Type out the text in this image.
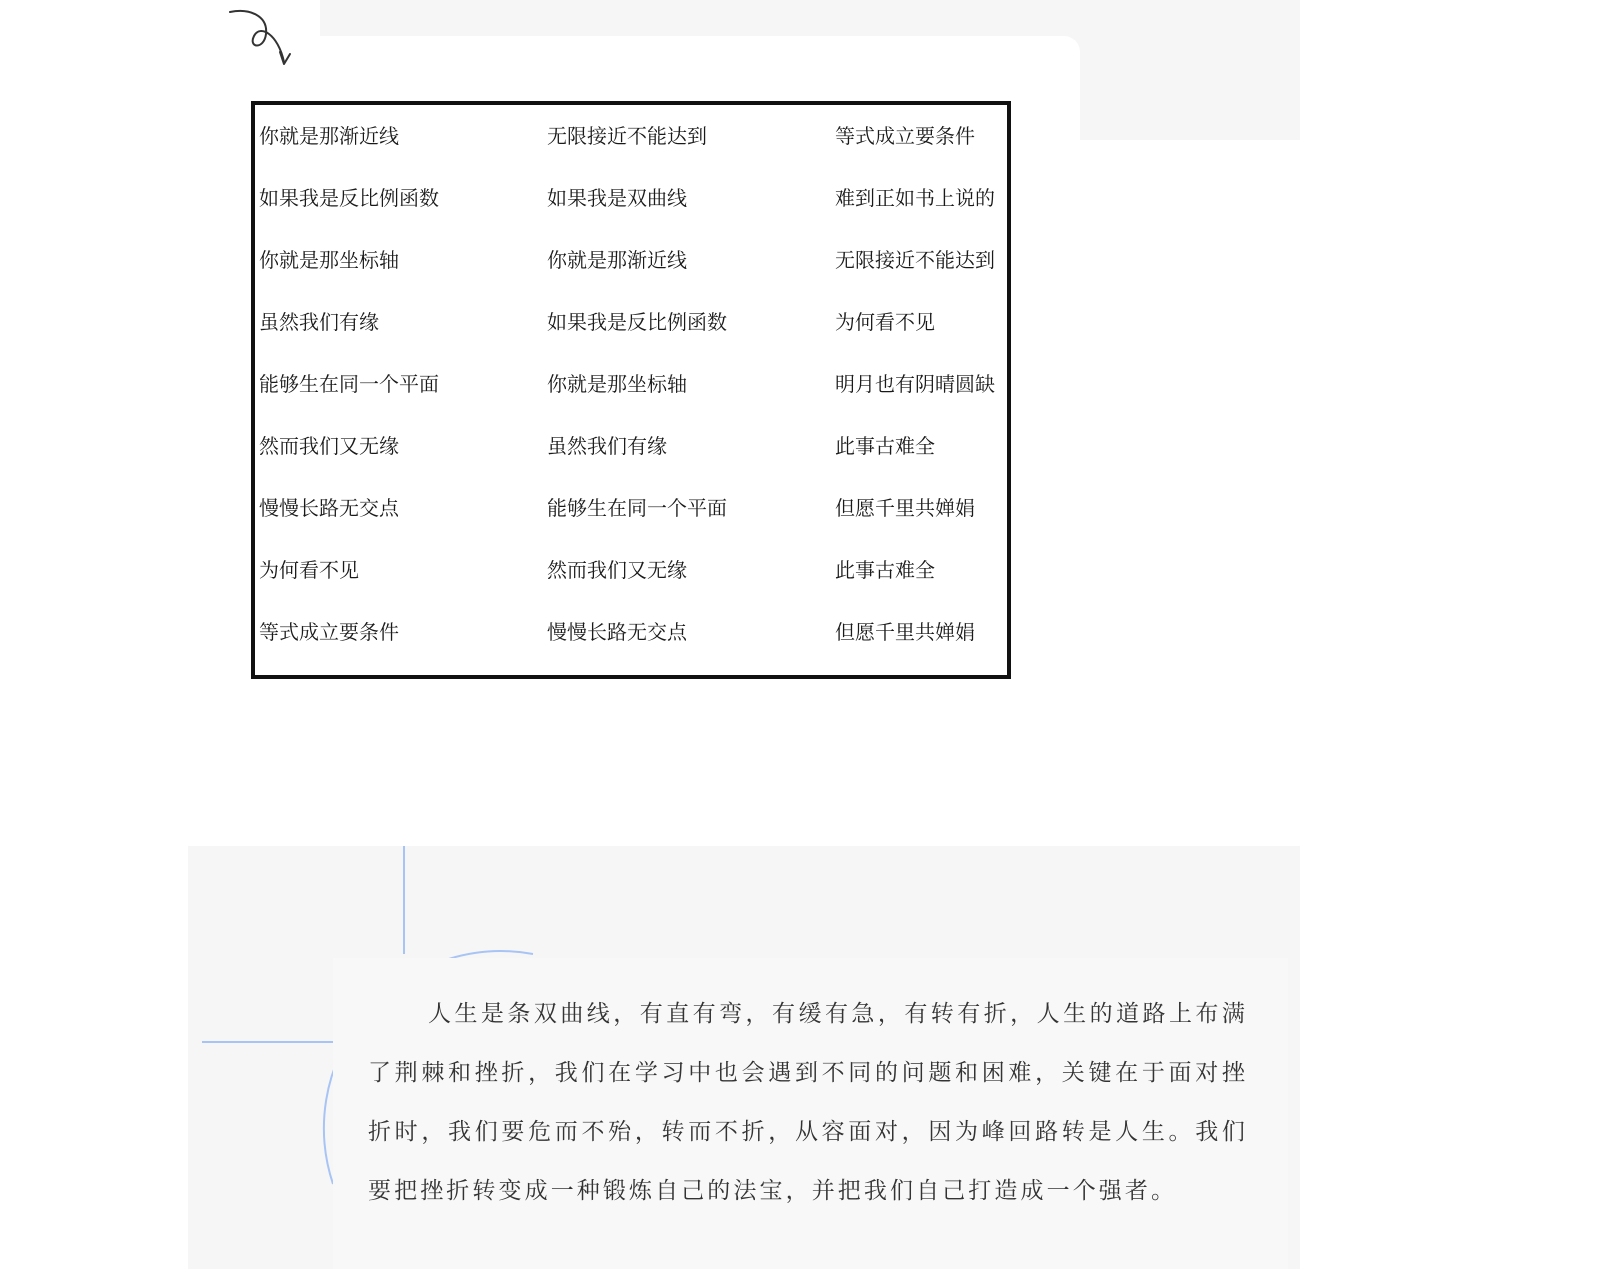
你就是那渐近线	无限接近不能达到	等式成立要条件
如果我是反比例函数	如果我是双曲线	难到正如书上说的
你就是那坐标轴	你就是那渐近线	无限接近不能达到
虽然我们有缘	如果我是反比例函数	为何看不见
能够生在同一个平面	你就是那坐标轴	明月也有阴晴圆缺
然而我们又无缘	虽然我们有缘	此事古难全
慢慢长路无交点	能够生在同一个平面	但愿千里共婵娟
为何看不见	然而我们又无缘	此事古难全
等式成立要条件	慢慢长路无交点	但愿千里共婵娟

人生是条双曲线，有直有弯，有缓有急，有转有折，人生的道路上布满了荆棘和挫折，我们在学习中也会遇到不同的问题和困难，关键在于面对挫折时，我们要危而不殆，转而不折，从容面对，因为峰回路转是人生。我们要把挫折转变成一种锻炼自己的法宝，并把我们自己打造成一个强者。
